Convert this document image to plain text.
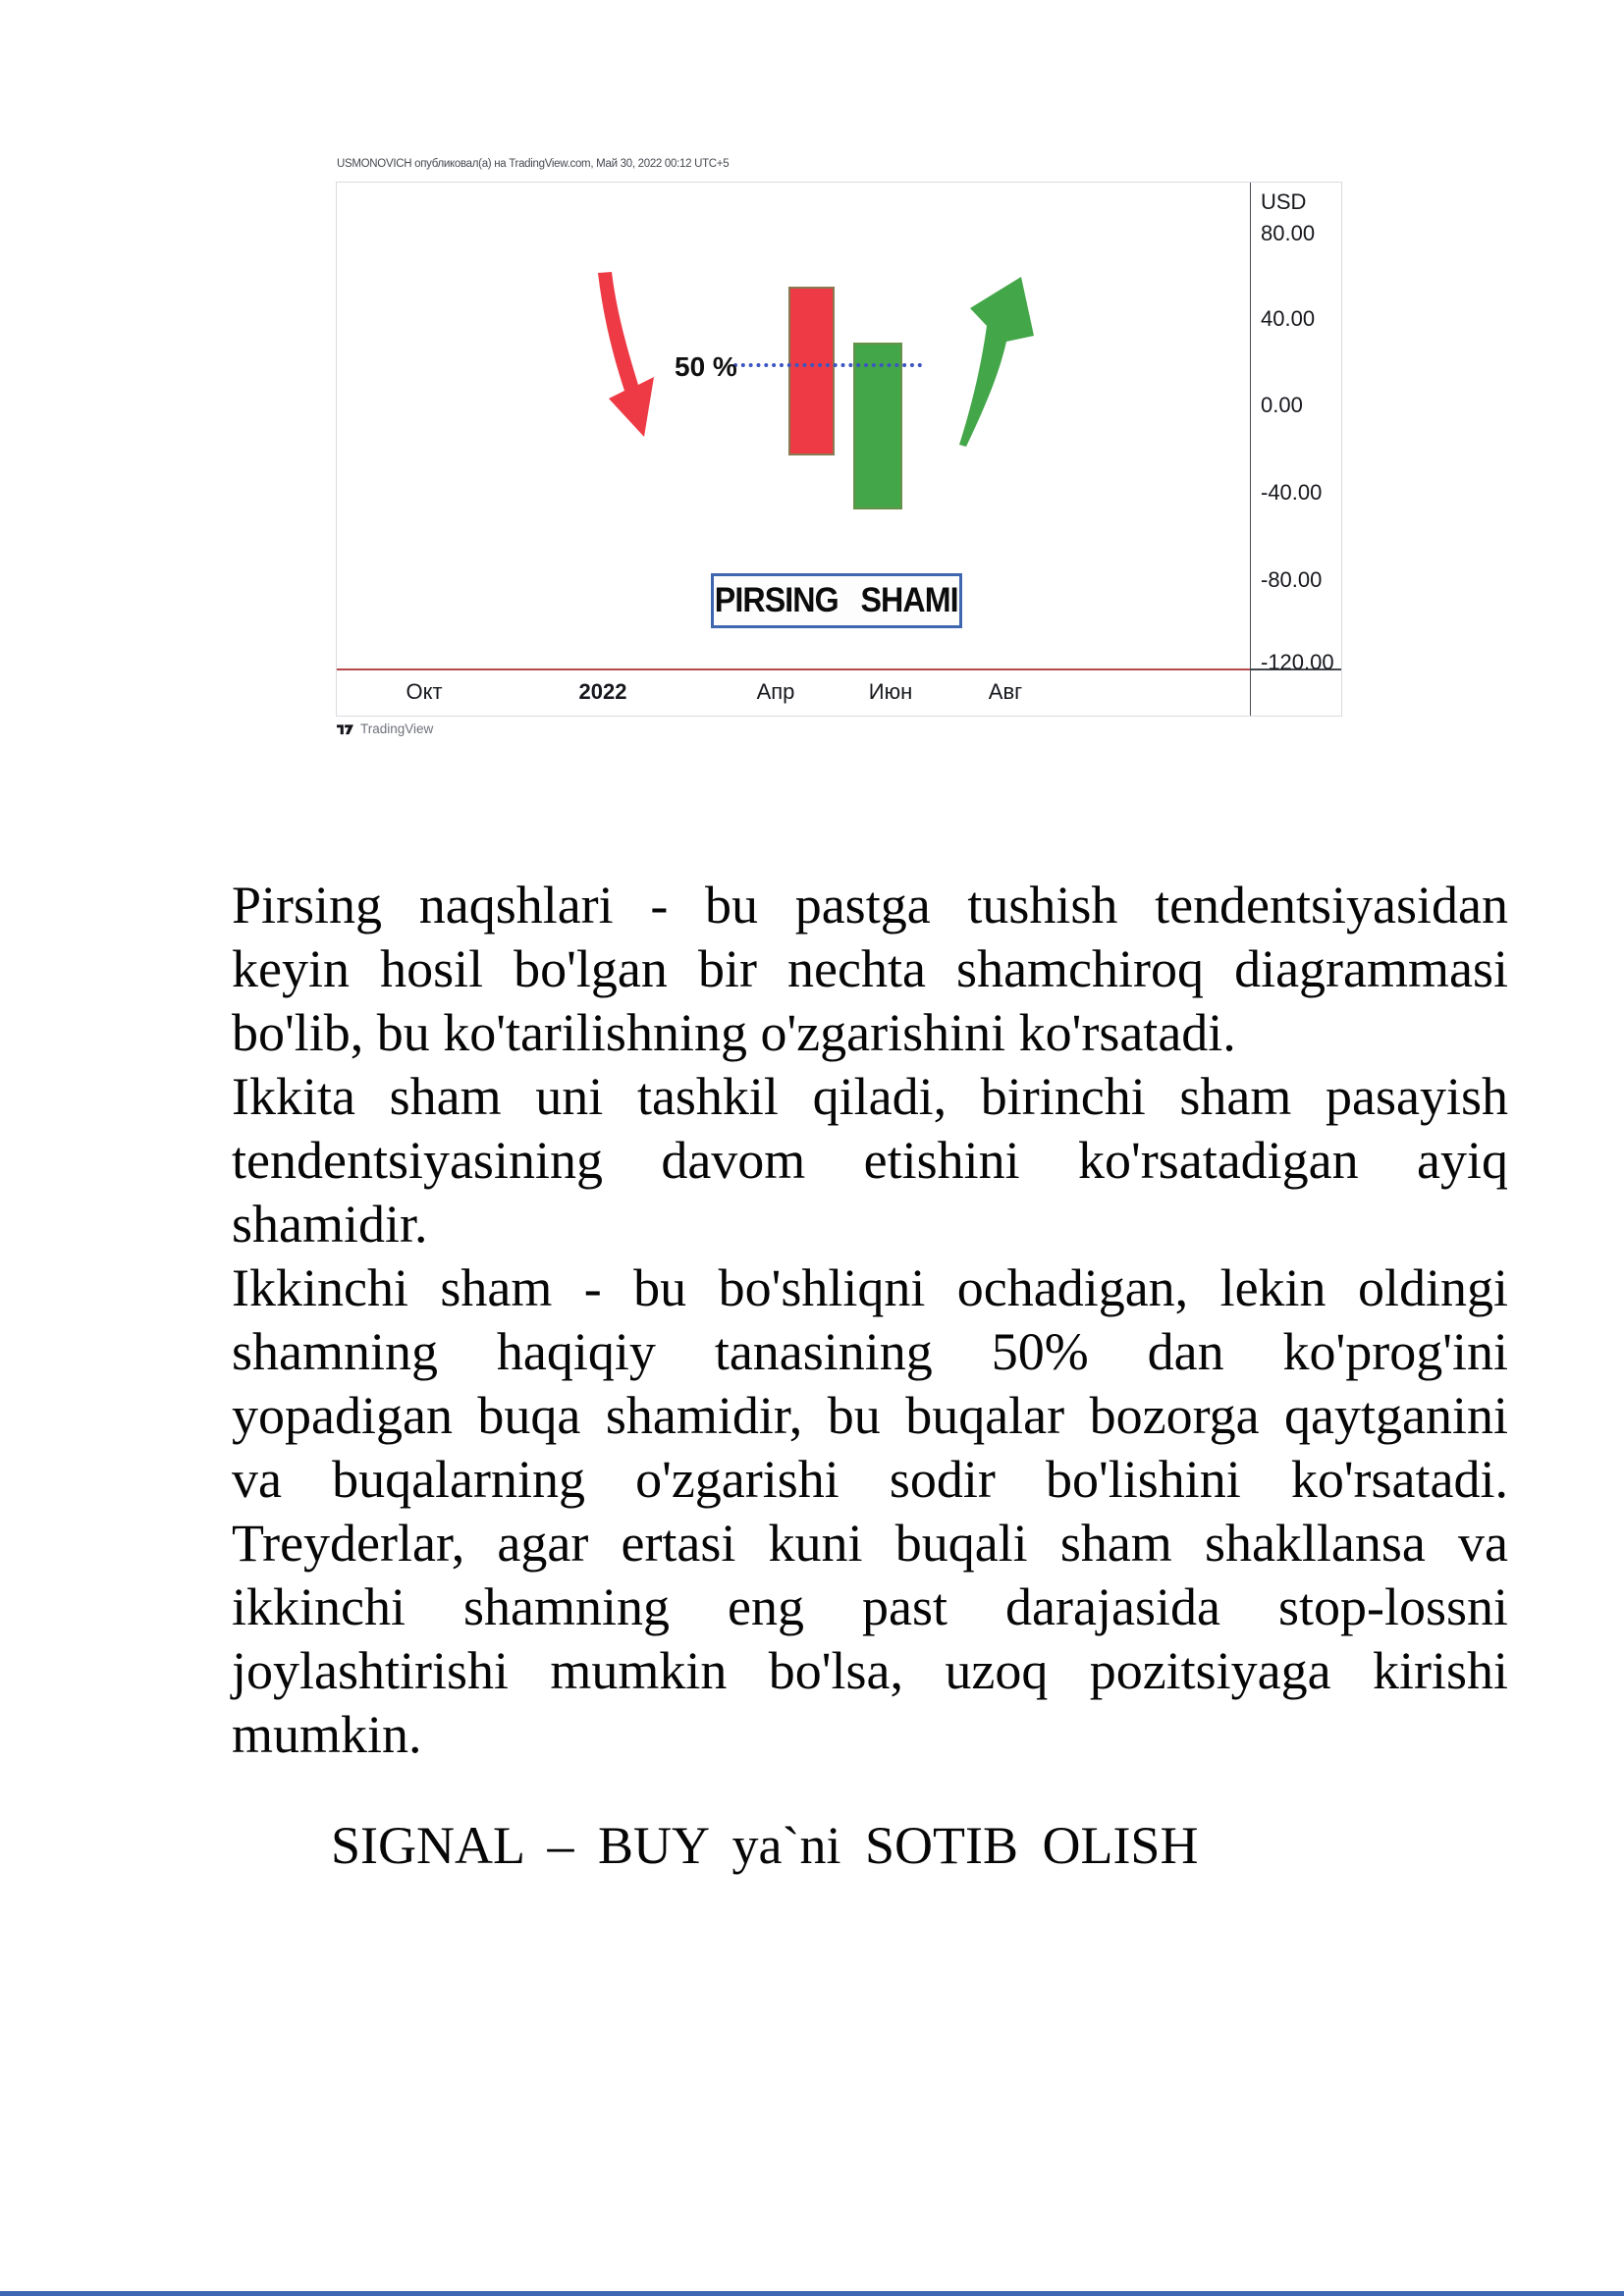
USMONOVICH опубликовал(а) на TradingView.com, Май 30, 2022 00:12 UTC+5
50 %
PIRSING SHAMI
USD
80.00
40.00
0.00
-40.00
-80.00
-120.00
Окт	2022	Апр	Июн	Авг
TradingView
Pirsing naqshlari - bu pastga tushish tendentsiyasidan
keyin hosil bo'lgan bir nechta shamchiroq diagrammasi
bo'lib, bu ko'tarilishning o'zgarishini ko'rsatadi.
Ikkita sham uni tashkil qiladi, birinchi sham pasayish
tendentsiyasining davom etishini ko'rsatadigan ayiq
shamidir.
Ikkinchi sham - bu bo'shliqni ochadigan, lekin oldingi
shamning haqiqiy tanasining 50% dan ko'prog'ini
yopadigan buqa shamidir, bu buqalar bozorga qaytganini
va buqalarning o'zgarishi sodir bo'lishini ko'rsatadi.
Treyderlar, agar ertasi kuni buqali sham shakllansa va
ikkinchi shamning eng past darajasida stop-lossni
joylashtirishi mumkin bo'lsa, uzoq pozitsiyaga kirishi
mumkin.
SIGNAL – BUY ya`ni SOTIB OLISH
